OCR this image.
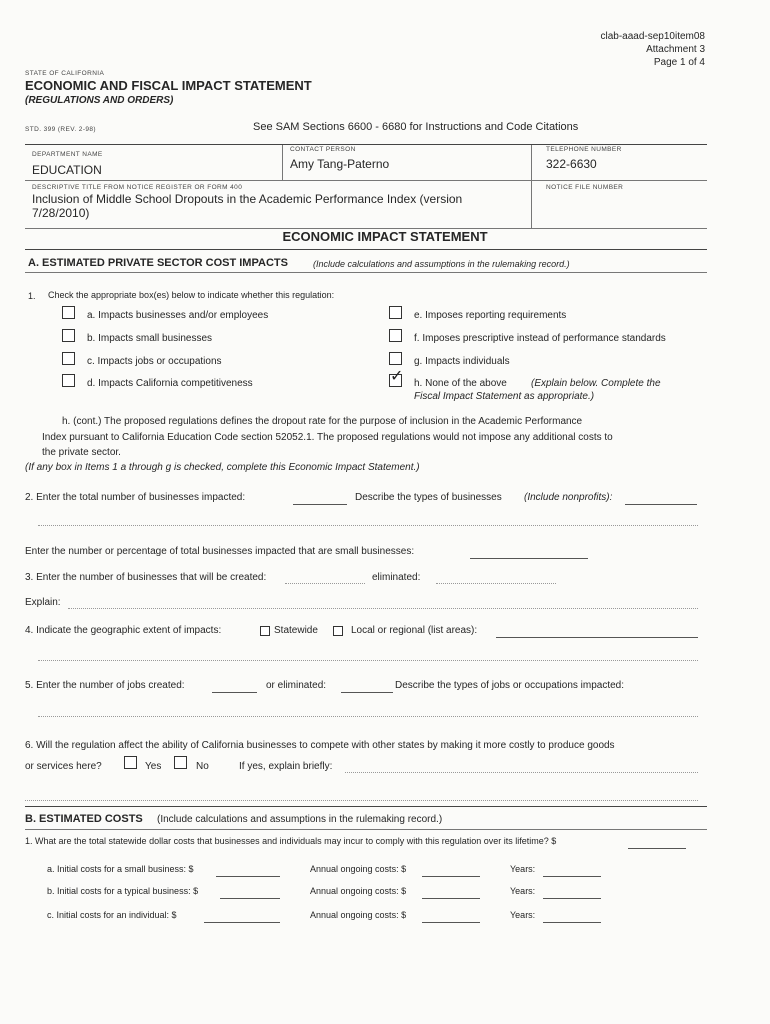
clab-aaad-sep10item08
Attachment 3
Page 1 of 4
STATE OF CALIFORNIA
ECONOMIC AND FISCAL IMPACT STATEMENT
(REGULATIONS AND ORDERS)
STD. 399 (REV. 2-98)	See SAM Sections 6600 - 6680 for Instructions and Code Citations
DEPARTMENT NAME
EDUCATION
CONTACT PERSON
Amy Tang-Paterno
TELEPHONE NUMBER
322-6630
DESCRIPTIVE TITLE FROM NOTICE REGISTER OR FORM 400
Inclusion of Middle School Dropouts in the Academic Performance Index (version
7/28/2010)
NOTICE FILE NUMBER
ECONOMIC IMPACT STATEMENT
A. ESTIMATED PRIVATE SECTOR COST IMPACTS	(Include calculations and assumptions in the rulemaking record.)
1. Check the appropriate box(es) below to indicate whether this regulation:
a. Impacts businesses and/or employees
b. Impacts small businesses
c. Impacts jobs or occupations
d. Impacts California competitiveness
e. Imposes reporting requirements
f. Imposes prescriptive instead of performance standards
g. Impacts individuals
✓ h. None of the above (Explain below. Complete the
Fiscal Impact Statement as appropriate.)
h. (cont.) The proposed regulations defines the dropout rate for the purpose of inclusion in the Academic Performance
Index pursuant to California Education Code section 52052.1. The proposed regulations would not impose any additional costs to
the private sector.
(If any box in Items 1 a through g is checked, complete this Economic Impact Statement.)
2. Enter the total number of businesses impacted:	Describe the types of businesses (Include nonprofits):
Enter the number or percentage of total businesses impacted that are small businesses:
3. Enter the number of businesses that will be created:	eliminated:
Explain:
4. Indicate the geographic extent of impacts:	Statewide	Local or regional (list areas):
5. Enter the number of jobs created:	or eliminated:	Describe the types of jobs or occupations impacted:
6. Will the regulation affect the ability of California businesses to compete with other states by making it more costly to produce goods
or services here?	Yes	No	If yes, explain briefly:
B. ESTIMATED COSTS (Include calculations and assumptions in the rulemaking record.)
1. What are the total statewide dollar costs that businesses and individuals may incur to comply with this regulation over its lifetime? $
a. Initial costs for a small business: $	Annual ongoing costs: $	Years:
b. Initial costs for a typical business: $	Annual ongoing costs: $	Years:
c. Initial costs for an individual: $	Annual ongoing costs: $	Years:
